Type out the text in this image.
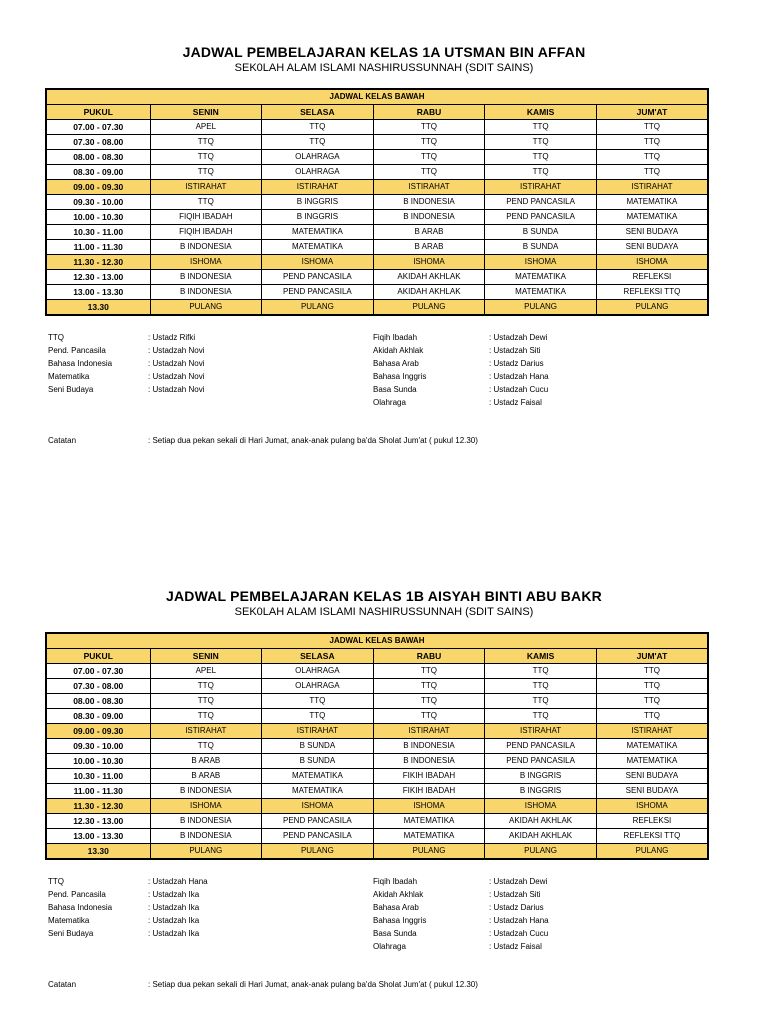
JADWAL PEMBELAJARAN KELAS 1A UTSMAN BIN AFFAN
SEK0LAH ALAM ISLAMI NASHIRUSSUNNAH (SDIT SAINS)
JADWAL KELAS BAWAH					
PUKUL	SENIN	SELASA	RABU	KAMIS	JUM'AT
07.00 - 07.30	APEL	TTQ	TTQ	TTQ	TTQ
07.30 - 08.00	TTQ	TTQ	TTQ	TTQ	TTQ
08.00 - 08.30	TTQ	OLAHRAGA	TTQ	TTQ	TTQ
08.30 - 09.00	TTQ	OLAHRAGA	TTQ	TTQ	TTQ
09.00 - 09.30	ISTIRAHAT	ISTIRAHAT	ISTIRAHAT	ISTIRAHAT	ISTIRAHAT
09.30 - 10.00	TTQ	B INGGRIS	B INDONESIA	PEND PANCASILA	MATEMATIKA
10.00 - 10.30	FIQIH IBADAH	B INGGRIS	B INDONESIA	PEND PANCASILA	MATEMATIKA
10.30 - 11.00	FIQIH IBADAH	MATEMATIKA	B ARAB	B SUNDA	SENI BUDAYA
11.00 - 11.30	B INDONESIA	MATEMATIKA	B ARAB	B SUNDA	SENI BUDAYA
11.30 - 12.30	ISHOMA	ISHOMA	ISHOMA	ISHOMA	ISHOMA
12.30 - 13.00	B INDONESIA	PEND PANCASILA	AKIDAH AKHLAK	MATEMATIKA	REFLEKSI
13.00 - 13.30	B INDONESIA	PEND PANCASILA	AKIDAH AKHLAK	MATEMATIKA	REFLEKSI TTQ
13.30	PULANG	PULANG	PULANG	PULANG	PULANG
TTQ	: Ustadz Rifki
Pend. Pancasila	: Ustadzah Novi
Bahasa Indonesia	: Ustadzah Novi
Matematika	: Ustadzah Novi
Seni Budaya	: Ustadzah Novi
Fiqih Ibadah	: Ustadzah Dewi
Akidah Akhlak	: Ustadzah Siti
Bahasa Arab	: Ustadz Darius
Bahasa Inggris	: Ustadzah Hana
Basa Sunda	: Ustadzah Cucu
Olahraga	: Ustadz Faisal
Catatan	: Setiap dua pekan sekali di Hari Jumat, anak-anak pulang ba'da Sholat Jum'at ( pukul 12.30)
JADWAL PEMBELAJARAN KELAS 1B AISYAH BINTI ABU BAKR
SEK0LAH ALAM ISLAMI NASHIRUSSUNNAH (SDIT SAINS)
JADWAL KELAS BAWAH					
PUKUL	SENIN	SELASA	RABU	KAMIS	JUM'AT
07.00 - 07.30	APEL	OLAHRAGA	TTQ	TTQ	TTQ
07.30 - 08.00	TTQ	OLAHRAGA	TTQ	TTQ	TTQ
08.00 - 08.30	TTQ	TTQ	TTQ	TTQ	TTQ
08.30 - 09.00	TTQ	TTQ	TTQ	TTQ	TTQ
09.00 - 09.30	ISTIRAHAT	ISTIRAHAT	ISTIRAHAT	ISTIRAHAT	ISTIRAHAT
09.30 - 10.00	TTQ	B SUNDA	B INDONESIA	PEND PANCASILA	MATEMATIKA
10.00 - 10.30	B ARAB	B SUNDA	B INDONESIA	PEND PANCASILA	MATEMATIKA
10.30 - 11.00	B ARAB	MATEMATIKA	FIKIH IBADAH	B INGGRIS	SENI BUDAYA
11.00 - 11.30	B INDONESIA	MATEMATIKA	FIKIH IBADAH	B INGGRIS	SENI BUDAYA
11.30 - 12.30	ISHOMA	ISHOMA	ISHOMA	ISHOMA	ISHOMA
12.30 - 13.00	B INDONESIA	PEND PANCASILA	MATEMATIKA	AKIDAH AKHLAK	REFLEKSI
13.00 - 13.30	B INDONESIA	PEND PANCASILA	MATEMATIKA	AKIDAH AKHLAK	REFLEKSI TTQ
13.30	PULANG	PULANG	PULANG	PULANG	PULANG
TTQ	: Ustadzah Hana
Pend. Pancasila	: Ustadzah Ika
Bahasa Indonesia	: Ustadzah Ika
Matematika	: Ustadzah Ika
Seni Budaya	: Ustadzah Ika
Fiqih Ibadah	: Ustadzah Dewi
Akidah Akhlak	: Ustadzah Siti
Bahasa Arab	: Ustadz Darius
Bahasa Inggris	: Ustadzah Hana
Basa Sunda	: Ustadzah Cucu
Olahraga	: Ustadz Faisal
Catatan	: Setiap dua pekan sekali di Hari Jumat, anak-anak pulang ba'da Sholat Jum'at ( pukul 12.30)
